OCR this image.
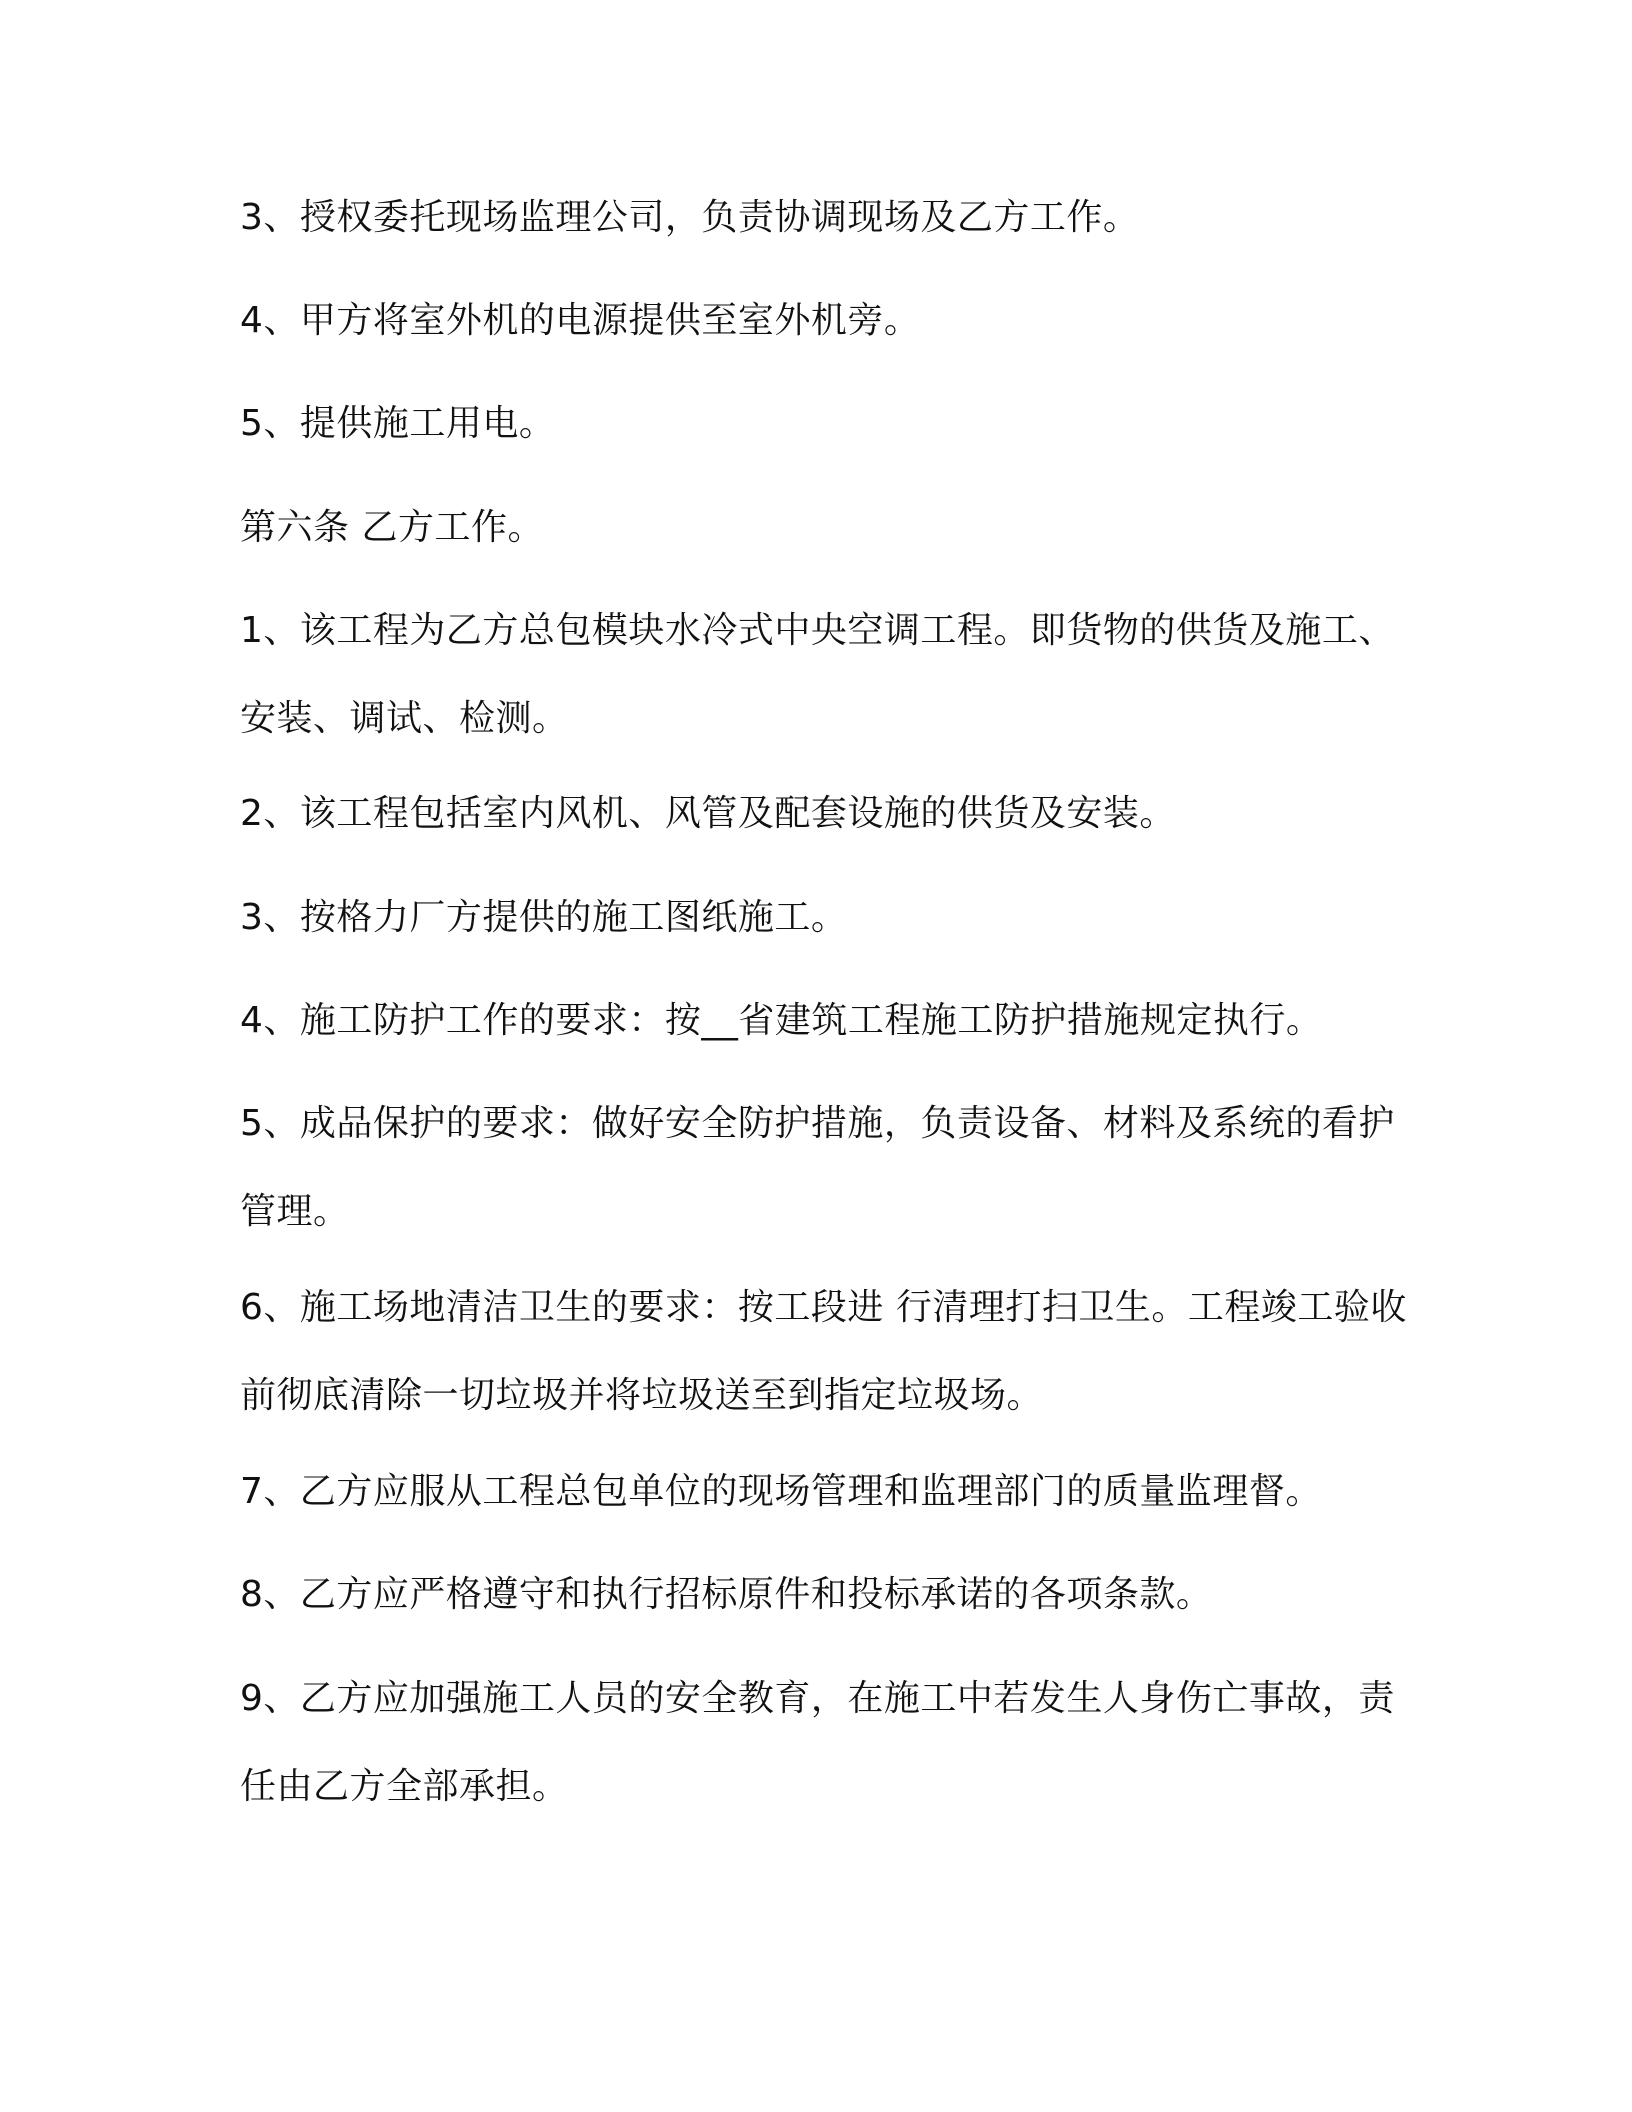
3、授权委托现场监理公司，负责协调现场及乙方工作。

4、甲方将室外机的电源提供至室外机旁。

5、提供施工用电。

第六条 乙方工作。

1、该工程为乙方总包模块水冷式中央空调工程。即货物的供货及施工、安装、调试、检测。

2、该工程包括室内风机、风管及配套设施的供货及安装。

3、按格力厂方提供的施工图纸施工。

4、施工防护工作的要求：按__省建筑工程施工防护措施规定执行。

5、成品保护的要求：做好安全防护措施，负责设备、材料及系统的看护管理。

6、施工场地清洁卫生的要求：按工段进 行清理打扫卫生。工程竣工验收前彻底清除一切垃圾并将垃圾送至到指定垃圾场。

7、乙方应服从工程总包单位的现场管理和监理部门的质量监理督。

8、乙方应严格遵守和执行招标原件和投标承诺的各项条款。

9、乙方应加强施工人员的安全教育，在施工中若发生人身伤亡事故，责任由乙方全部承担。
